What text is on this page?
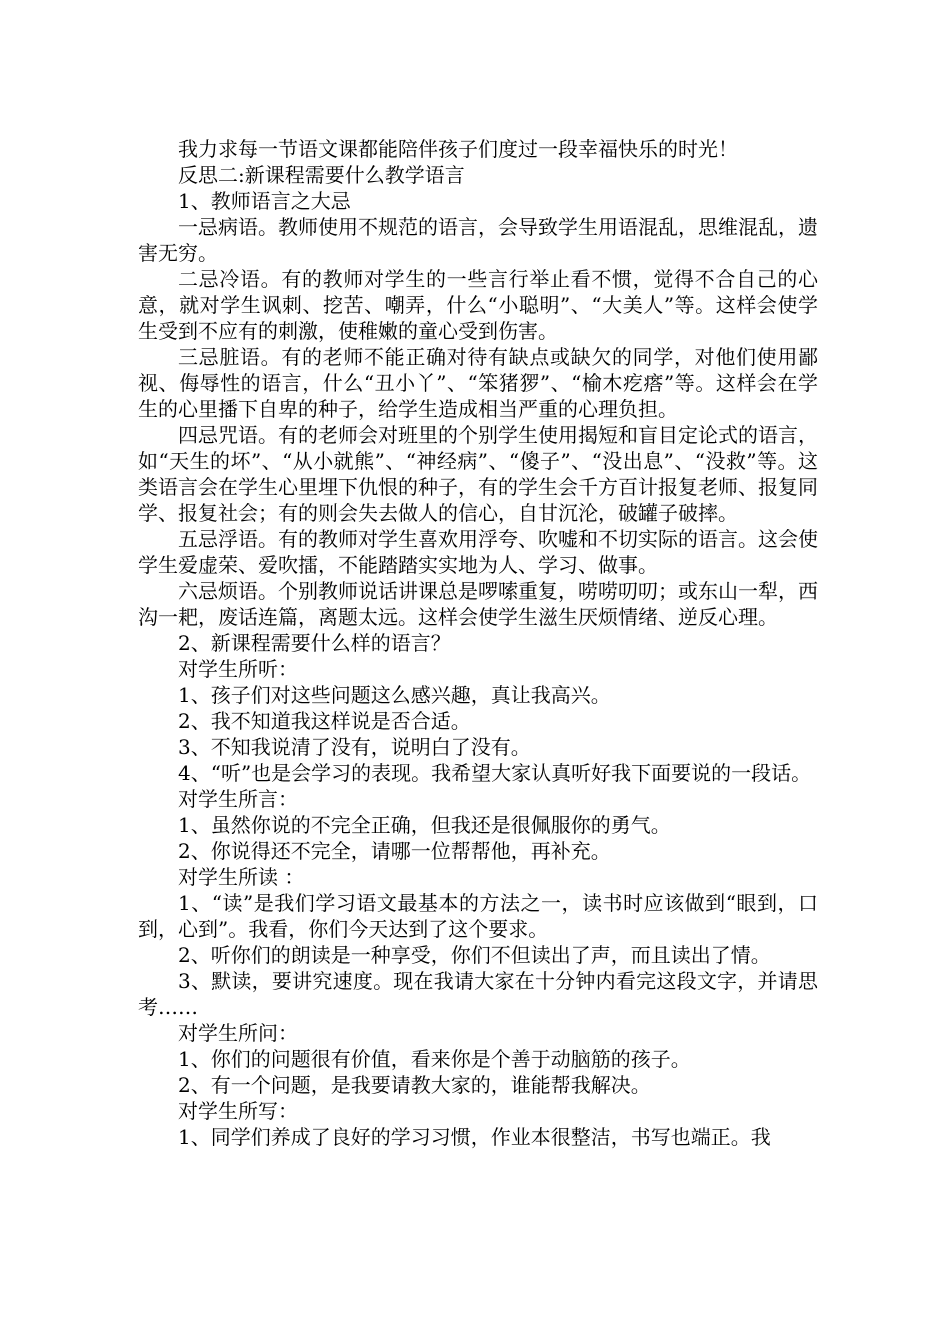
我力求每一节语文课都能陪伴孩子们度过一段幸福快乐的时光！

反思二:新课程需要什么教学语言

1、教师语言之大忌

一忌病语。教师使用不规范的语言，会导致学生用语混乱，思维混乱，遗害无穷。

二忌冷语。有的教师对学生的一些言行举止看不惯，觉得不合自己的心意，就对学生讽刺、挖苦、嘲弄，什么“小聪明”、“大美人”等。这样会使学生受到不应有的刺激，使稚嫩的童心受到伤害。

三忌脏语。有的老师不能正确对待有缺点或缺欠的同学，对他们使用鄙视、侮辱性的语言，什么“丑小丫”、“笨猪猡”、“榆木疙瘩”等。这样会在学生的心里播下自卑的种子，给学生造成相当严重的心理负担。

四忌咒语。有的老师会对班里的个别学生使用揭短和盲目定论式的语言，如“天生的坏”、“从小就熊”、“神经病”、“傻子”、“没出息”、“没救”等。这类语言会在学生心里埋下仇恨的种子，有的学生会千方百计报复老师、报复同学、报复社会；有的则会失去做人的信心，自甘沉沦，破罐子破摔。

五忌浮语。有的教师对学生喜欢用浮夸、吹嘘和不切实际的语言。这会使学生爱虚荣、爱吹擂，不能踏踏实实地为人、学习、做事。

六忌烦语。个别教师说话讲课总是啰嗦重复，唠唠叨叨；或东山一犁，西沟一耙，废话连篇，离题太远。这样会使学生滋生厌烦情绪、逆反心理。

2、新课程需要什么样的语言？

对学生所听：

1、孩子们对这些问题这么感兴趣，真让我高兴。

2、我不知道我这样说是否合适。

3、不知我说清了没有，说明白了没有。

4、“听”也是会学习的表现。我希望大家认真听好我下面要说的一段话。

对学生所言：

1、虽然你说的不完全正确，但我还是很佩服你的勇气。

2、你说得还不完全，请哪一位帮帮他，再补充。

对学生所读 ：

1、“读”是我们学习语文最基本的方法之一，读书时应该做到“眼到，口到，心到”。我看，你们今天达到了这个要求。

2、听你们的朗读是一种享受，你们不但读出了声，而且读出了情。

3、默读，要讲究速度。现在我请大家在十分钟内看完这段文字，并请思考……

对学生所问：

1、你们的问题很有价值，看来你是个善于动脑筋的孩子。

2、有一个问题，是我要请教大家的，谁能帮我解决。

对学生所写：

1、同学们养成了良好的学习习惯，作业本很整洁，书写也端正。我
